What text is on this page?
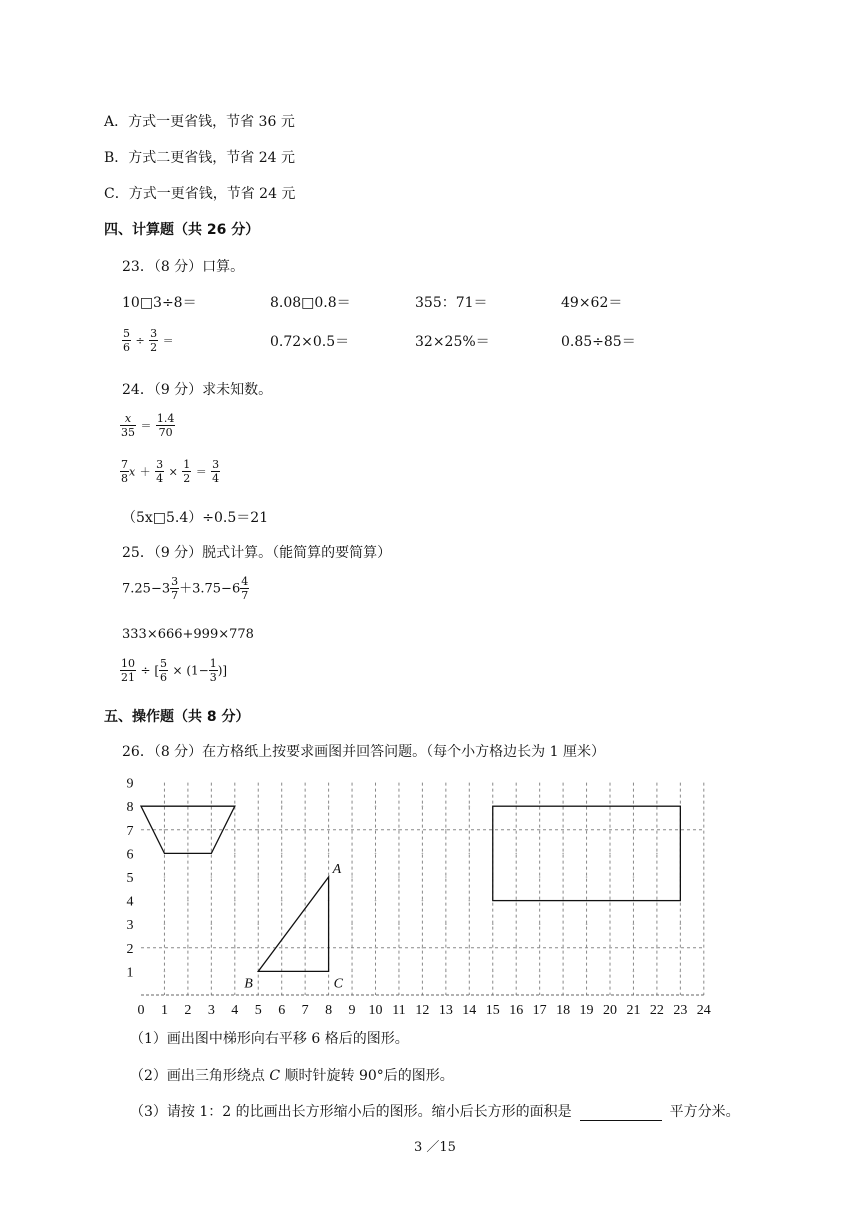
A．方式一更省钱，节省 36 元
B．方式二更省钱，节省 24 元
C．方式一更省钱，节省 24 元
四、计算题（共 26 分）
23．（8 分）口算。
10□3÷8＝	8.08□0.8＝	355：71＝	49×62＝
$\frac{5}{6} \div \frac{3}{2}$ ＝	0.72×0.5＝	32×25%＝	0.85÷85＝
24．（9 分）求未知数。
$\frac{x}{35} = \frac{1.4}{70}$
$\frac{7}{8}$ $x + \frac{3}{4} \times \frac{1}{2} = \frac{3}{4}$
（5x□5.4）÷0.5＝21
25．（9 分）脱式计算。（能简算的要简算）
$7.25-3 \frac{3}{7} +3.75-6 \frac{4}{7}$
333×666+999×778
$\frac{10}{21}$ ÷ [ $\frac{5}{6} \times (1- \frac{1}{3}$ )]
五、操作题（共 8 分）
26．（8 分）在方格纸上按要求画图并回答问题。（每个小方格边长为 1 厘米）
0 1 2 3 4 5 6 7 8 9 10 11 12 13 14 15 16 17 18 19 20 21 22 23 24
1
2
3
4
5
6
7
8
9
A
B	C
（1）画出图中梯形向右平移 6 格后的图形。
（2）画出三角形绕点 C 顺时针旋转 90°后的图形。
（3）请按 1：2 的比画出长方形缩小后的图形。缩小后长方形的面积是	平方分米。
3 ／15
